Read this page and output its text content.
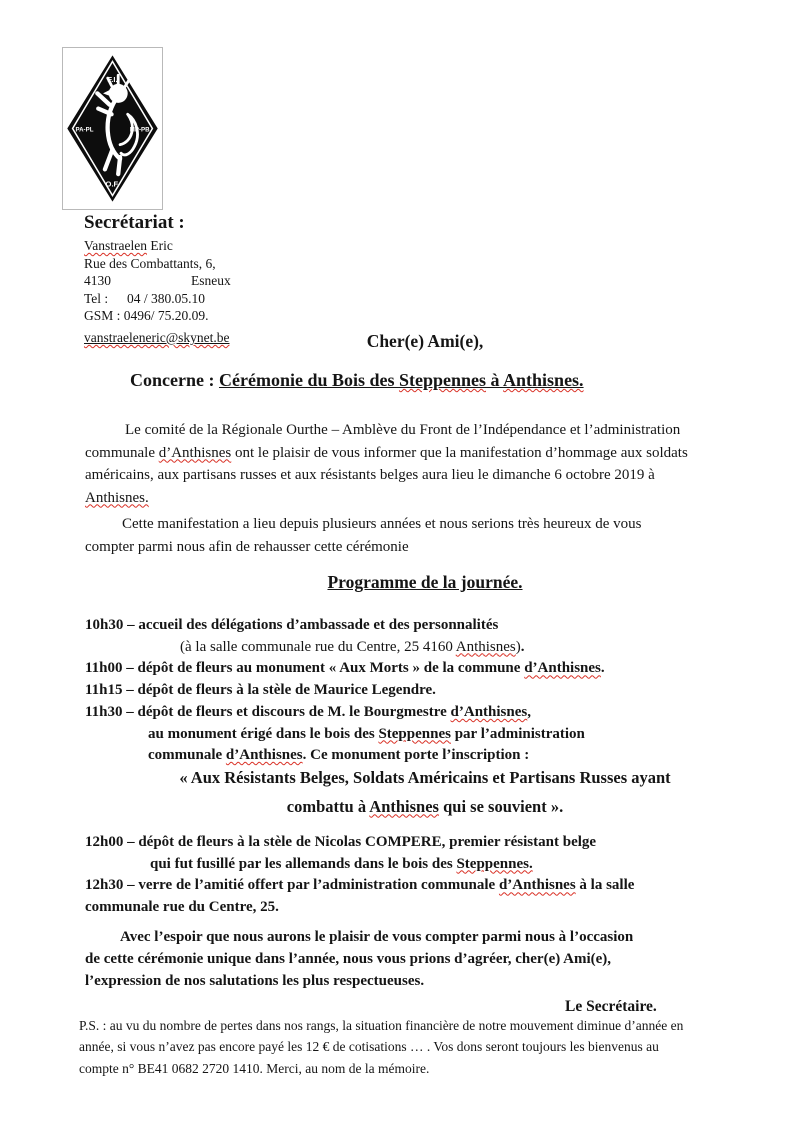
F.I.
PA-PL	MP-PB
O.F.
Secrétariat :
Vanstraelen Eric
Rue des Combattants, 6,
4130	Esneux
Tel : 04 / 380.05.10
GSM : 0496/ 75.20.09.
vanstraeleneric@skynet.be	Cher(e) Ami(e),
Concerne : Cérémonie du Bois des Steppennes à Anthisnes.
Le comité de la Régionale Ourthe – Amblève du Front de l’Indépendance et l’administration
communale d’Anthisnes ont le plaisir de vous informer que la manifestation d’hommage aux soldats
américains, aux partisans russes et aux résistants belges aura lieu le dimanche 6 octobre 2019 à
Anthisnes.
Cette manifestation a lieu depuis plusieurs années et nous serions très heureux de vous
compter parmi nous afin de rehausser cette cérémonie
Programme de la journée.
10h30 – accueil des délégations d’ambassade et des personnalités
(à la salle communale rue du Centre, 25 4160 Anthisnes).
11h00 – dépôt de fleurs au monument « Aux Morts » de la commune d’Anthisnes.
11h15 – dépôt de fleurs à la stèle de Maurice Legendre.
11h30 – dépôt de fleurs et discours de M. le Bourgmestre d’Anthisnes,
au monument érigé dans le bois des Steppennes par l’administration
communale d’Anthisnes. Ce monument porte l’inscription :
« Aux Résistants Belges, Soldats Américains et Partisans Russes ayant
combattu à Anthisnes qui se souvient ».
12h00 – dépôt de fleurs à la stèle de Nicolas COMPERE, premier résistant belge
qui fut fusillé par les allemands dans le bois des Steppennes.
12h30 – verre de l’amitié offert par l’administration communale d’Anthisnes à la salle
communale rue du Centre, 25.
Avec l’espoir que nous aurons le plaisir de vous compter parmi nous à l’occasion
de cette cérémonie unique dans l’année, nous vous prions d’agréer, cher(e) Ami(e),
l’expression de nos salutations les plus respectueuses.
Le Secrétaire.
P.S. : au vu du nombre de pertes dans nos rangs, la situation financière de notre mouvement diminue d’année en
année, si vous n’avez pas encore payé les 12 € de cotisations … . Vos dons seront toujours les bienvenus au
compte n° BE41 0682 2720 1410. Merci, au nom de la mémoire.
